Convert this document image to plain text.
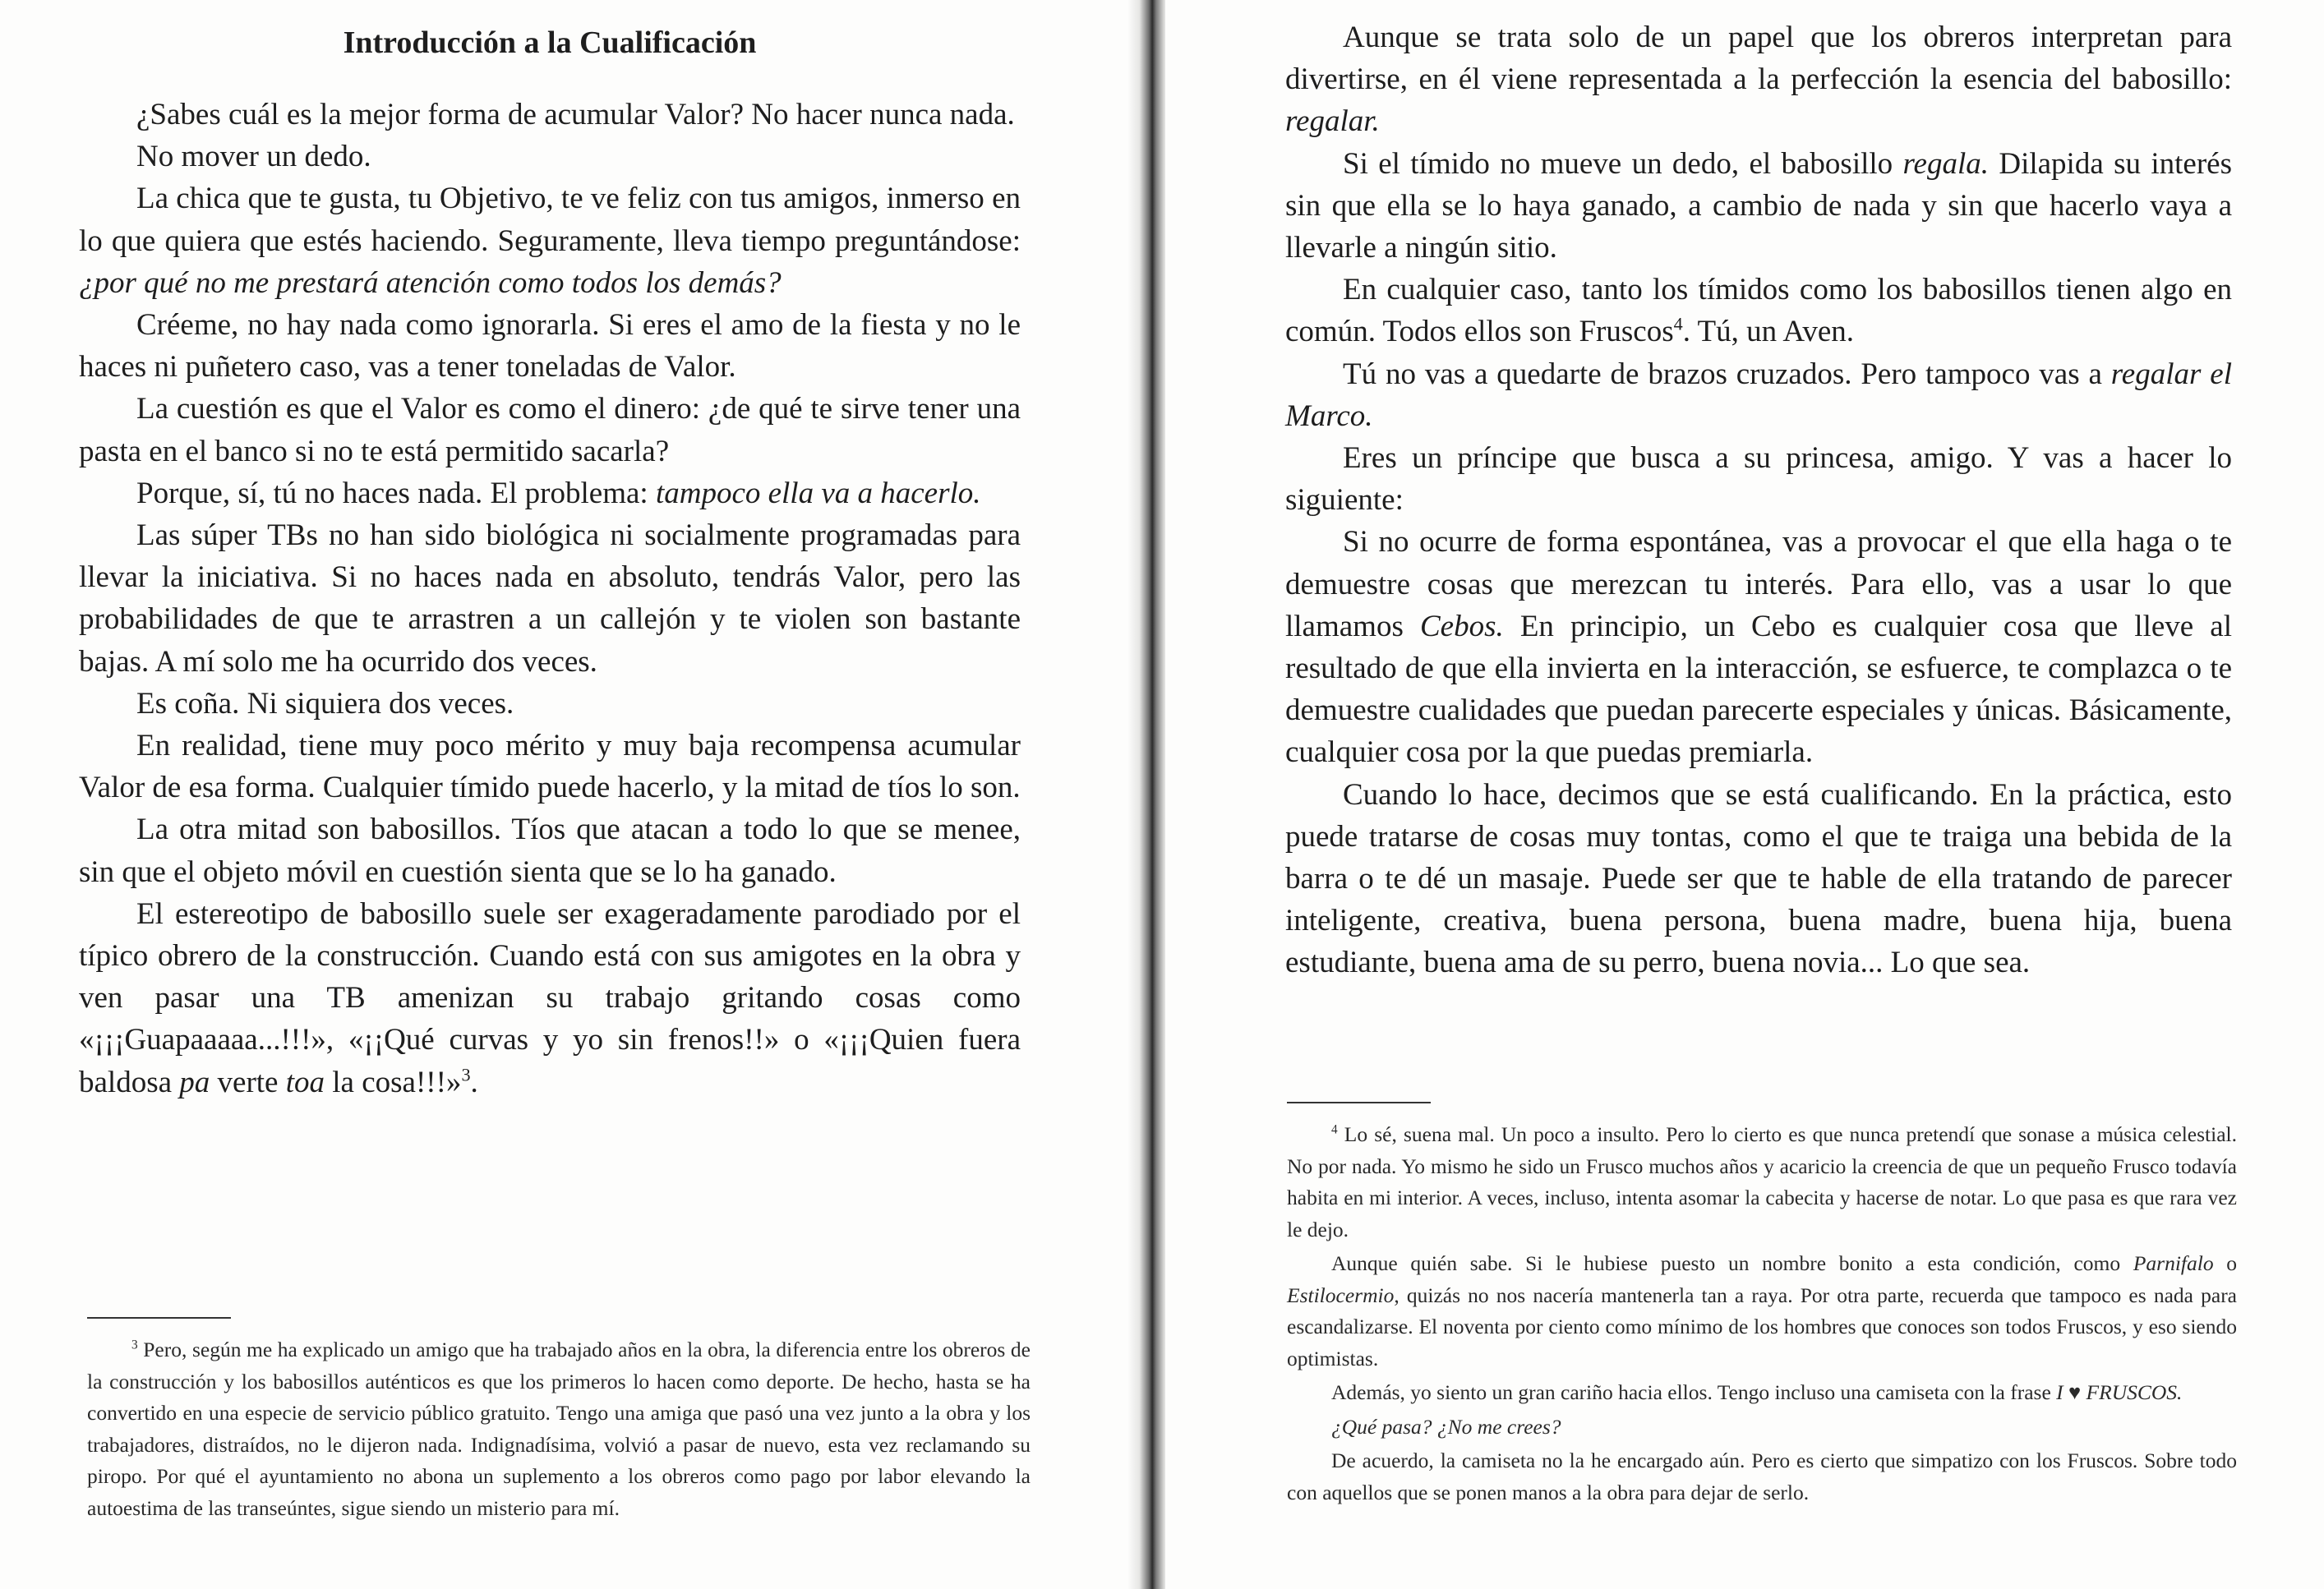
Introducción a la Cualificación

¿Sabes cuál es la mejor forma de acumular Valor? No hacer nunca nada.

No mover un dedo.

La chica que te gusta, tu Objetivo, te ve feliz con tus amigos, inmerso en lo que quiera que estés haciendo. Seguramente, lleva tiempo preguntándose: ¿por qué no me prestará atención como todos los demás?

Créeme, no hay nada como ignorarla. Si eres el amo de la fiesta y no le haces ni puñetero caso, vas a tener toneladas de Valor.

La cuestión es que el Valor es como el dinero: ¿de qué te sirve tener una pasta en el banco si no te está permitido sacarla?

Porque, sí, tú no haces nada. El problema: tampoco ella va a hacerlo.

Las súper TBs no han sido biológica ni socialmente programadas para llevar la iniciativa. Si no haces nada en absoluto, tendrás Valor, pero las probabilidades de que te arrastren a un callejón y te violen son bastante bajas. A mí solo me ha ocurrido dos veces.

Es coña. Ni siquiera dos veces.

En realidad, tiene muy poco mérito y muy baja recompensa acumular Valor de esa forma. Cualquier tímido puede hacerlo, y la mitad de tíos lo son.

La otra mitad son babosillos. Tíos que atacan a todo lo que se menee, sin que el objeto móvil en cuestión sienta que se lo ha ganado.

El estereotipo de babosillo suele ser exageradamente parodiado por el típico obrero de la construcción. Cuando está con sus amigotes en la obra y ven pasar una TB amenizan su trabajo gritando cosas como «¡¡¡Guapaaaaa...!!!», «¡¡Qué curvas y yo sin frenos!!» o «¡¡¡Quien fuera baldosa pa verte toa la cosa!!!»$^3$.

$^3$ Pero, según me ha explicado un amigo que ha trabajado años en la obra, la diferencia entre los obreros de la construcción y los babosillos auténticos es que los primeros lo hacen como deporte. De hecho, hasta se ha convertido en una especie de servicio público gratuito. Tengo una amiga que pasó una vez junto a la obra y los trabajadores, distraídos, no le dijeron nada. Indignadísima, volvió a pasar de nuevo, esta vez reclamando su piropo. Por qué el ayuntamiento no abona un suplemento a los obreros como pago por labor elevando la autoestima de las transeúntes, sigue siendo un misterio para mí.

Aunque se trata solo de un papel que los obreros interpretan para divertirse, en él viene representada a la perfección la esencia del babosillo: regalar.

Si el tímido no mueve un dedo, el babosillo regala. Dilapida su interés sin que ella se lo haya ganado, a cambio de nada y sin que hacerlo vaya a llevarle a ningún sitio.

En cualquier caso, tanto los tímidos como los babosillos tienen algo en común. Todos ellos son Fruscos$^4$. Tú, un Aven.

Tú no vas a quedarte de brazos cruzados. Pero tampoco vas a regalar el Marco.

Eres un príncipe que busca a su princesa, amigo. Y vas a hacer lo siguiente:

Si no ocurre de forma espontánea, vas a provocar el que ella haga o te demuestre cosas que merezcan tu interés. Para ello, vas a usar lo que llamamos Cebos. En principio, un Cebo es cualquier cosa que lleve al resultado de que ella invierta en la interacción, se esfuerce, te complazca o te demuestre cualidades que puedan parecerte especiales y únicas. Básicamente, cualquier cosa por la que puedas premiarla.

Cuando lo hace, decimos que se está cualificando. En la práctica, esto puede tratarse de cosas muy tontas, como el que te traiga una bebida de la barra o te dé un masaje. Puede ser que te hable de ella tratando de parecer inteligente, creativa, buena persona, buena madre, buena hija, buena estudiante, buena ama de su perro, buena novia... Lo que sea.

$^4$ Lo sé, suena mal. Un poco a insulto. Pero lo cierto es que nunca pretendí que sonase a música celestial. No por nada. Yo mismo he sido un Frusco muchos años y acaricio la creencia de que un pequeño Frusco todavía habita en mi interior. A veces, incluso, intenta asomar la cabecita y hacerse de notar. Lo que pasa es que rara vez le dejo.

Aunque quién sabe. Si le hubiese puesto un nombre bonito a esta condición, como Parnifalo o Estilocermio, quizás no nos nacería mantenerla tan a raya. Por otra parte, recuerda que tampoco es nada para escandalizarse. El noventa por ciento como mínimo de los hombres que conoces son todos Fruscos, y eso siendo optimistas.

Además, yo siento un gran cariño hacia ellos. Tengo incluso una camiseta con la frase I ♥ FRUSCOS.

¿Qué pasa? ¿No me crees?

De acuerdo, la camiseta no la he encargado aún. Pero es cierto que simpatizo con los Fruscos. Sobre todo con aquellos que se ponen manos a la obra para dejar de serlo.
